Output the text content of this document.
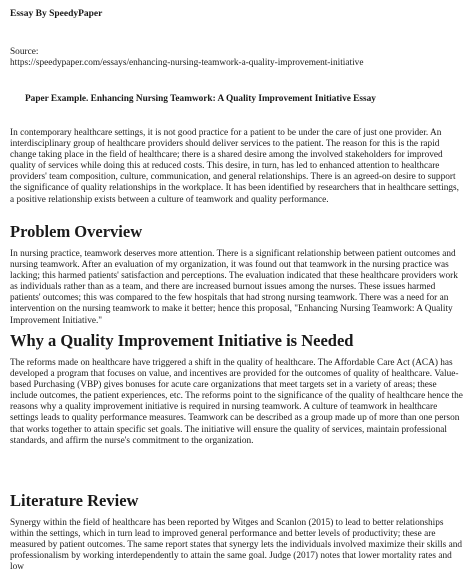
Essay By SpeedyPaper
Source:
https://speedypaper.com/essays/enhancing-nursing-teamwork-a-quality-improvement-initiative
Paper Example. Enhancing Nursing Teamwork: A Quality Improvement Initiative Essay

In contemporary healthcare settings, it is not good practice for a patient to be under the care of just one provider. An interdisciplinary group of healthcare providers should deliver services to the patient. The reason for this is the rapid change taking place in the field of healthcare; there is a shared desire among the involved stakeholders for improved quality of services while doing this at reduced costs. This desire, in turn, has led to enhanced attention to healthcare providers' team composition, culture, communication, and general relationships. There is an agreed-on desire to support the significance of quality relationships in the workplace. It has been identified by researchers that in healthcare settings, a positive relationship exists between a culture of teamwork and quality performance.

Problem Overview

In nursing practice, teamwork deserves more attention. There is a significant relationship between patient outcomes and nursing teamwork. After an evaluation of my organization, it was found out that teamwork in the nursing practice was lacking; this harmed patients' satisfaction and perceptions. The evaluation indicated that these healthcare providers work as individuals rather than as a team, and there are increased burnout issues among the nurses. These issues harmed patients' outcomes; this was compared to the few hospitals that had strong nursing teamwork. There was a need for an intervention on the nursing teamwork to make it better; hence this proposal, "Enhancing Nursing Teamwork: A Quality Improvement Initiative."

Why a Quality Improvement Initiative is Needed

The reforms made on healthcare have triggered a shift in the quality of healthcare. The Affordable Care Act (ACA) has developed a program that focuses on value, and incentives are provided for the outcomes of quality of healthcare. Value-based Purchasing (VBP) gives bonuses for acute care organizations that meet targets set in a variety of areas; these include outcomes, the patient experiences, etc. The reforms point to the significance of the quality of healthcare hence the reasons why a quality improvement initiative is required in nursing teamwork. A culture of teamwork in healthcare settings leads to quality performance measures. Teamwork can be described as a group made up of more than one person that works together to attain specific set goals. The initiative will ensure the quality of services, maintain professional standards, and affirm the nurse's commitment to the organization.

Literature Review

Synergy within the field of healthcare has been reported by Witges and Scanlon (2015) to lead to better relationships within the settings, which in turn lead to improved general performance and better levels of productivity; these are measured by patient outcomes. The same report states that synergy lets the individuals involved maximize their skills and professionalism by working interdependently to attain the same goal. Judge (2017) notes that lower mortality rates and low
